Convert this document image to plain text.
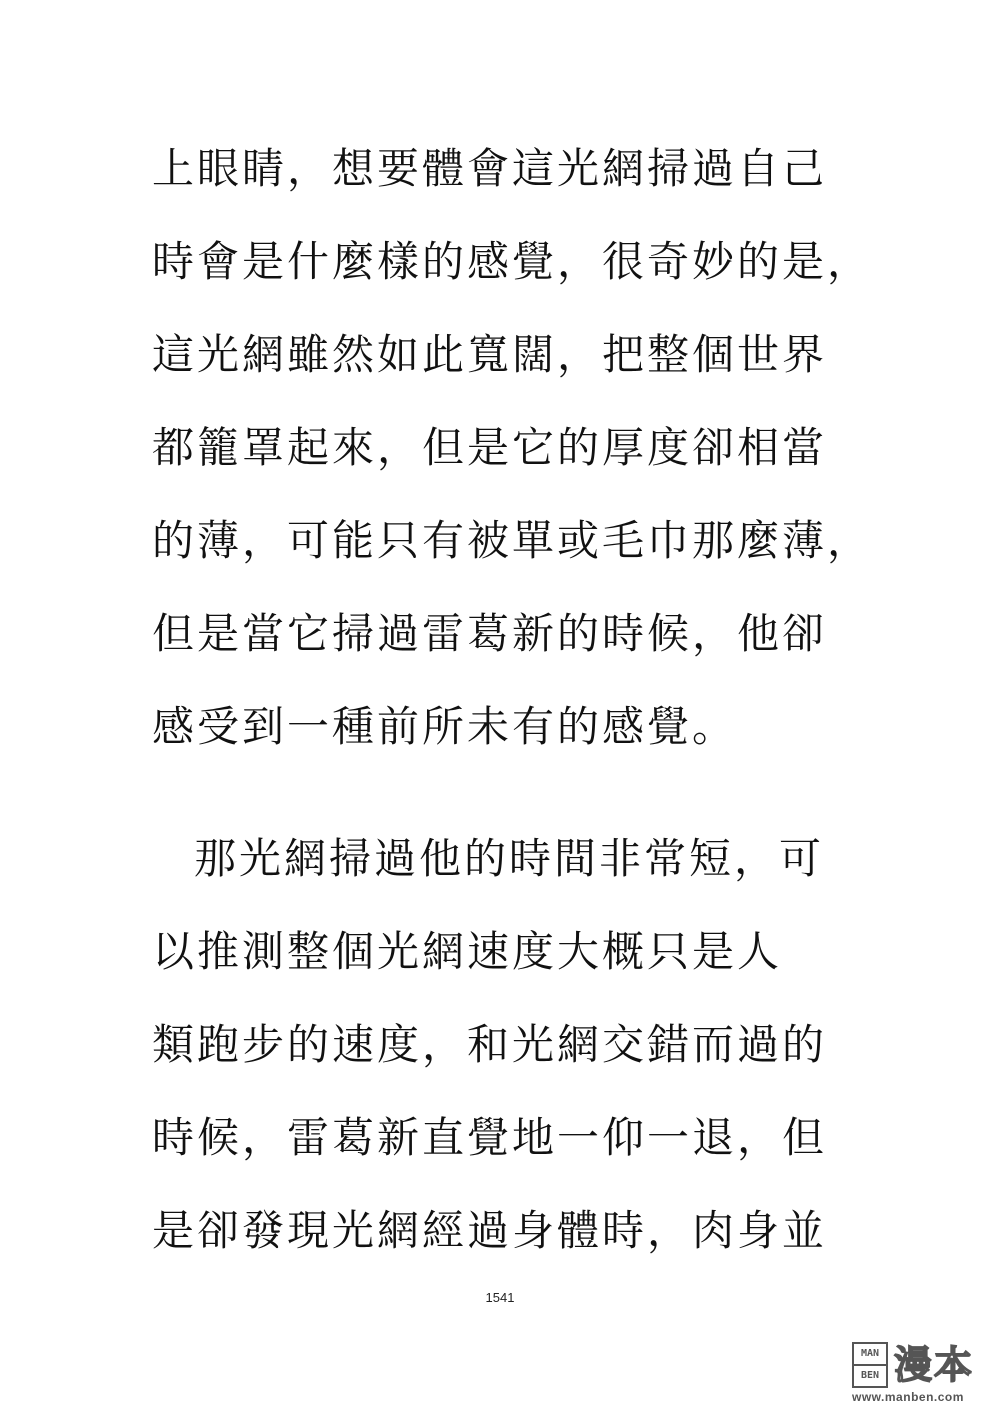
上眼睛，想要體會這光網掃過自己
時會是什麼樣的感覺，很奇妙的是，
這光網雖然如此寬闊，把整個世界
都籠罩起來，但是它的厚度卻相當
的薄，可能只有被單或毛巾那麼薄，
但是當它掃過雷葛新的時候，他卻
感受到一種前所未有的感覺。
那光網掃過他的時間非常短，可
以推測整個光網速度大概只是人
類跑步的速度，和光網交錯而過的
時候，雷葛新直覺地一仰一退，但
是卻發現光網經過身體時，肉身並
1541
MAN
BEN 漫本
www.manben.com
